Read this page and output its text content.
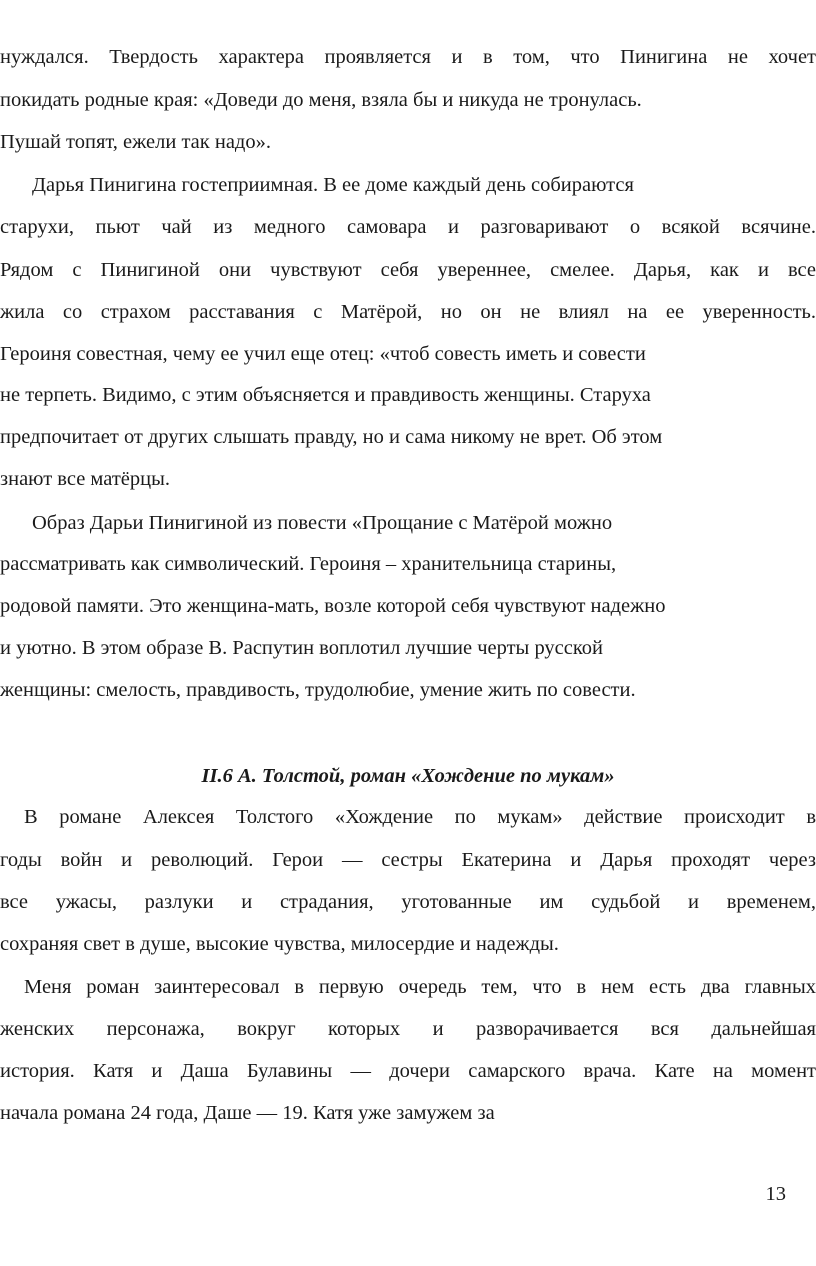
нуждался. Твердость характера проявляется и в том, что Пинигина не хочет

покидать родные края: «Доведи до меня, взяла бы и никуда не тронулась.

Пушай топят, ежели так надо».

Дарья Пинигина гостеприимная. В ее доме каждый день собираются

старухи, пьют чай из медного самовара и разговаривают о всякой всячине.

Рядом с Пинигиной они чувствуют себя увереннее, смелее. Дарья, как и все

жила со страхом расставания с Матёрой, но он не влиял на ее уверенность.

Героиня совестная, чему ее учил еще отец: «чтоб совесть иметь и совести

не терпеть. Видимо, с этим объясняется и правдивость женщины. Старуха

предпочитает от других слышать правду, но и сама никому не врет. Об этом

знают все матёрцы.

Образ Дарьи Пинигиной из повести «Прощание с Матёрой можно

рассматривать как символический. Героиня – хранительница старины,

родовой памяти. Это женщина-мать, возле которой себя чувствуют надежно

и уютно. В этом образе В. Распутин воплотил лучшие черты русской

женщины: смелость, правдивость, трудолюбие, умение жить по совести.

II.6 А. Толстой, роман «Хождение по мукам»

В романе Алексея Толстого «Хождение по мукам» действие происходит в

годы войн и революций. Герои — сестры Екатерина и Дарья проходят через

все ужасы, разлуки и страдания, уготованные им судьбой и временем,

сохраняя свет в душе, высокие чувства, милосердие и надежды.

Меня роман заинтересовал в первую очередь тем, что в нем есть два главных

женских персонажа, вокруг которых и разворачивается вся дальнейшая

история. Катя и Даша Булавины — дочери самарского врача. Кате на момент

начала романа 24 года, Даше — 19. Катя уже замужем за

13
